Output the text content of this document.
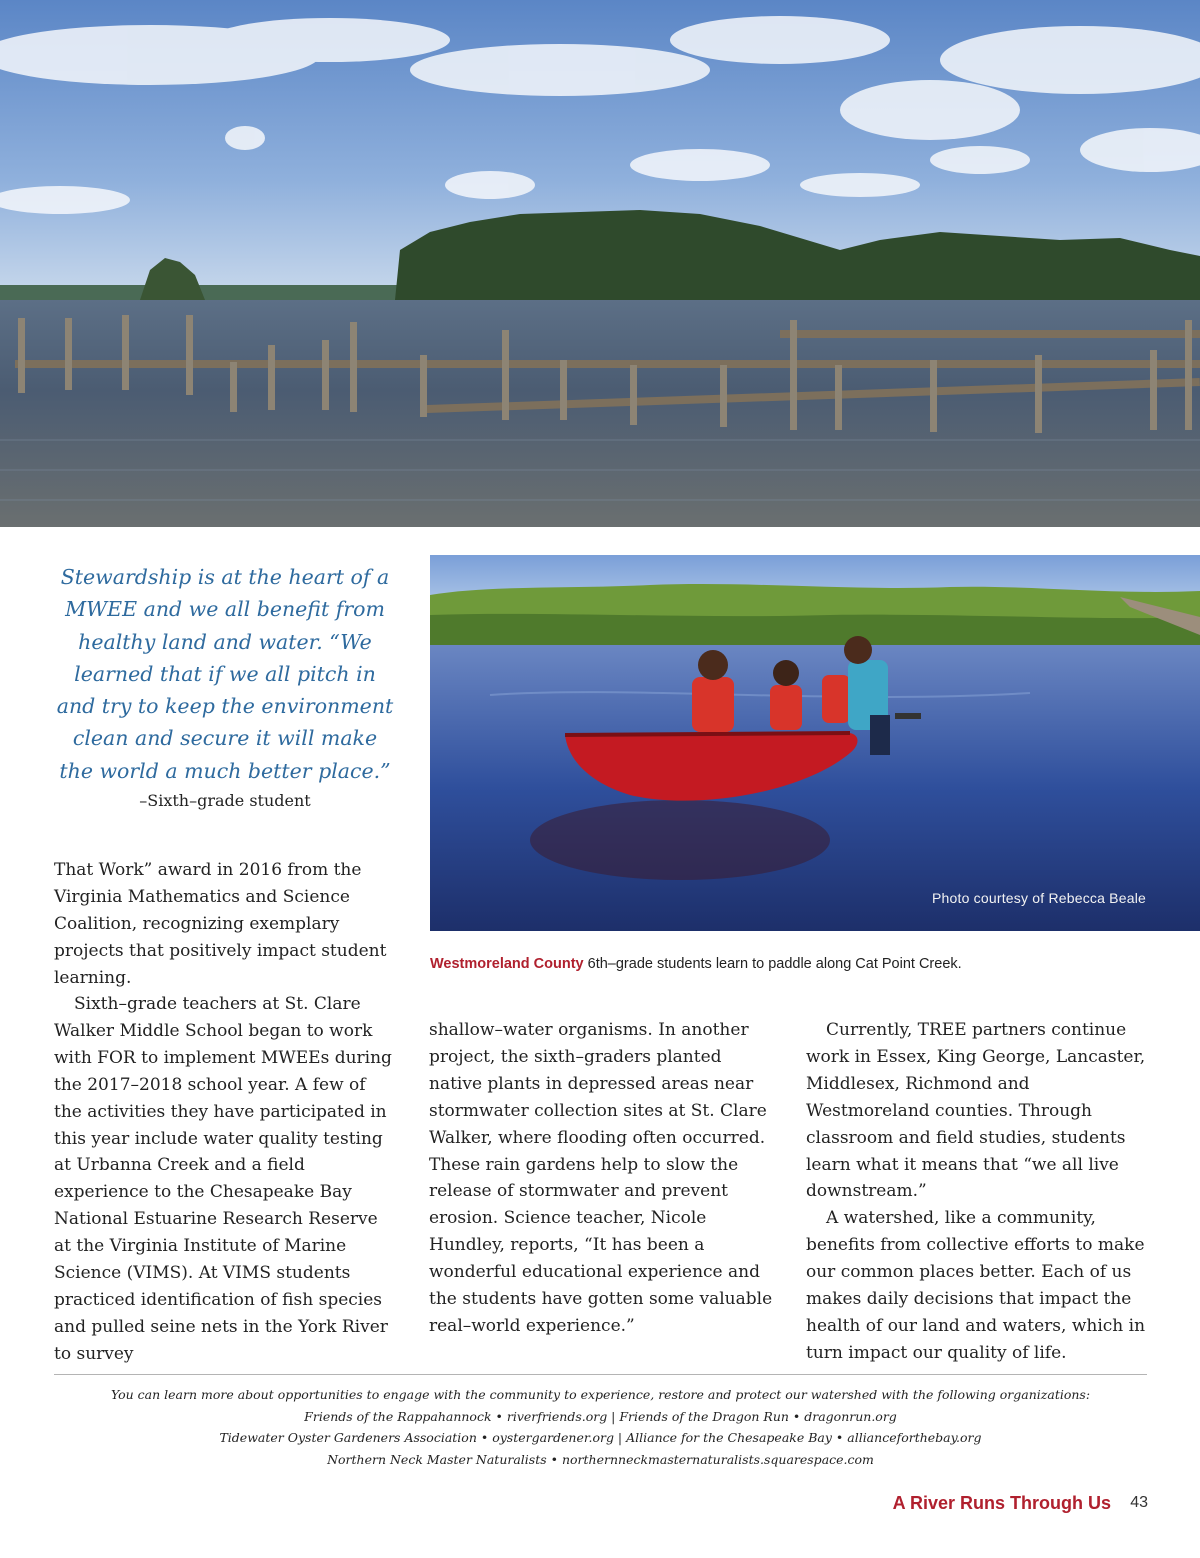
Stewardship is at the heart of a MWEE and we all benefit from healthy land and water. “We learned that if we all pitch in and try to keep the environment clean and secure it will make the world a much better place.”
–Sixth–grade student
Photo courtesy of Rebecca Beale
Westmoreland County 6th–grade students learn to paddle along Cat Point Creek.

That Work” award in 2016 from the Virginia Mathematics and Science Coalition, recognizing exemplary projects that positively impact student learning.

Sixth–grade teachers at St. Clare Walker Middle School began to work with FOR to implement MWEEs during the 2017–2018 school year. A few of the activities they have participated in this year include water quality testing at Urbanna Creek and a field experience to the Chesapeake Bay National Estuarine Research Reserve at the Virginia Institute of Marine Science (VIMS). At VIMS students practiced identification of fish species and pulled seine nets in the York River to survey

shallow–water organisms. In another project, the sixth–graders planted native plants in depressed areas near stormwater collection sites at St. Clare Walker, where flooding often occurred. These rain gardens help to slow the release of stormwater and prevent erosion. Science teacher, Nicole Hundley, reports, “It has been a wonderful educational experience and the students have gotten some valuable real–world experience.”

Currently, TREE partners continue work in Essex, King George, Lancaster, Middlesex, Richmond and Westmoreland counties. Through classroom and field studies, students learn what it means that “we all live downstream.”

A watershed, like a community, benefits from collective efforts to make our common places better. Each of us makes daily decisions that impact the health of our land and waters, which in turn impact our quality of life.

You can learn more about opportunities to engage with the community to experience, restore and protect our watershed with the following organizations:
Friends of the Rappahannock • riverfriends.org | Friends of the Dragon Run • dragonrun.org
Tidewater Oyster Gardeners Association • oystergardener.org | Alliance for the Chesapeake Bay • allianceforthebay.org
Northern Neck Master Naturalists • northernneckmasternaturalists.squarespace.com
A River Runs Through Us 43
